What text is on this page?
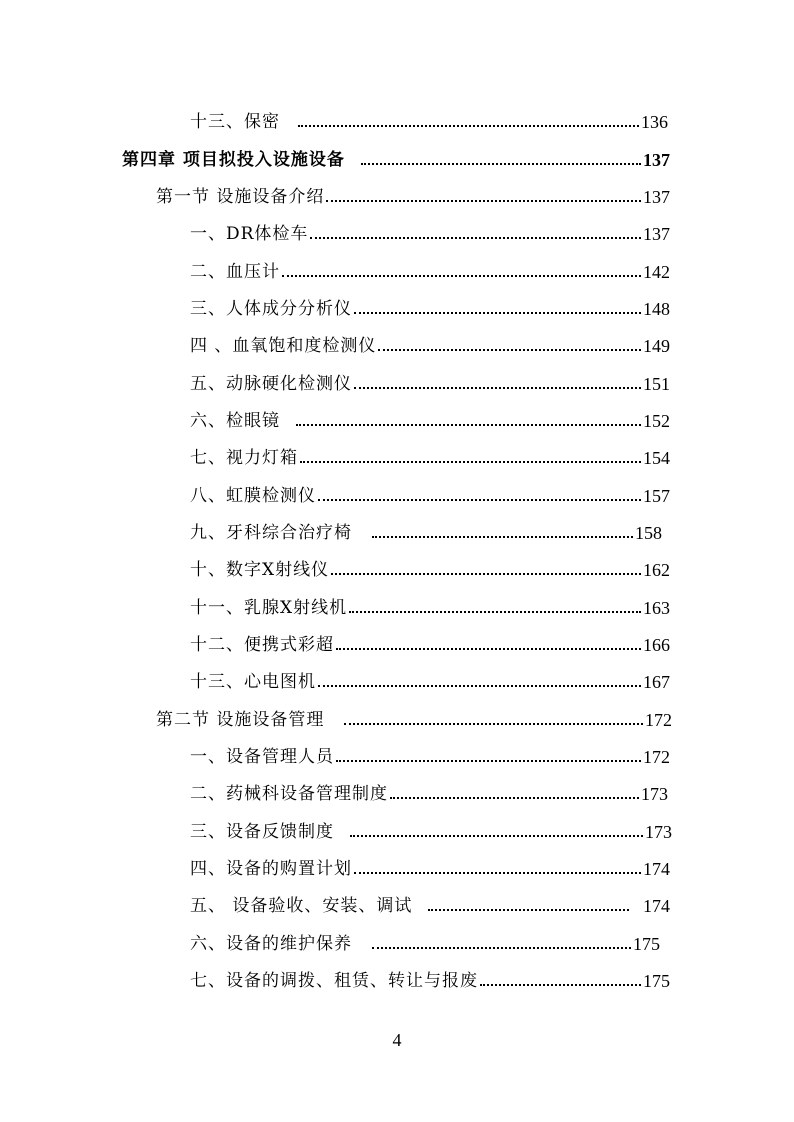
十三、保密	136
第四章 项目拟投入设施设备	137
第一节 设施设备介绍	137
一、DR体检车	137
二、血压计	142
三、人体成分分析仪	148
四 、血氧饱和度检测仪	149
五、动脉硬化检测仪	151
六、检眼镜	152
七、视力灯箱	154
八、虹膜检测仪	157
九、牙科综合治疗椅	158
十、数字X射线仪	162
十一、乳腺X射线机	163
十二、便携式彩超	166
十三、心电图机	167
第二节 设施设备管理	172
一、设备管理人员	172
二、药械科设备管理制度	173
三、设备反馈制度	173
四、设备的购置计划	174
五、 设备验收、安装、调试	174
六、设备的维护保养	175
七、设备的调拨、租赁、转让与报废	175
4
